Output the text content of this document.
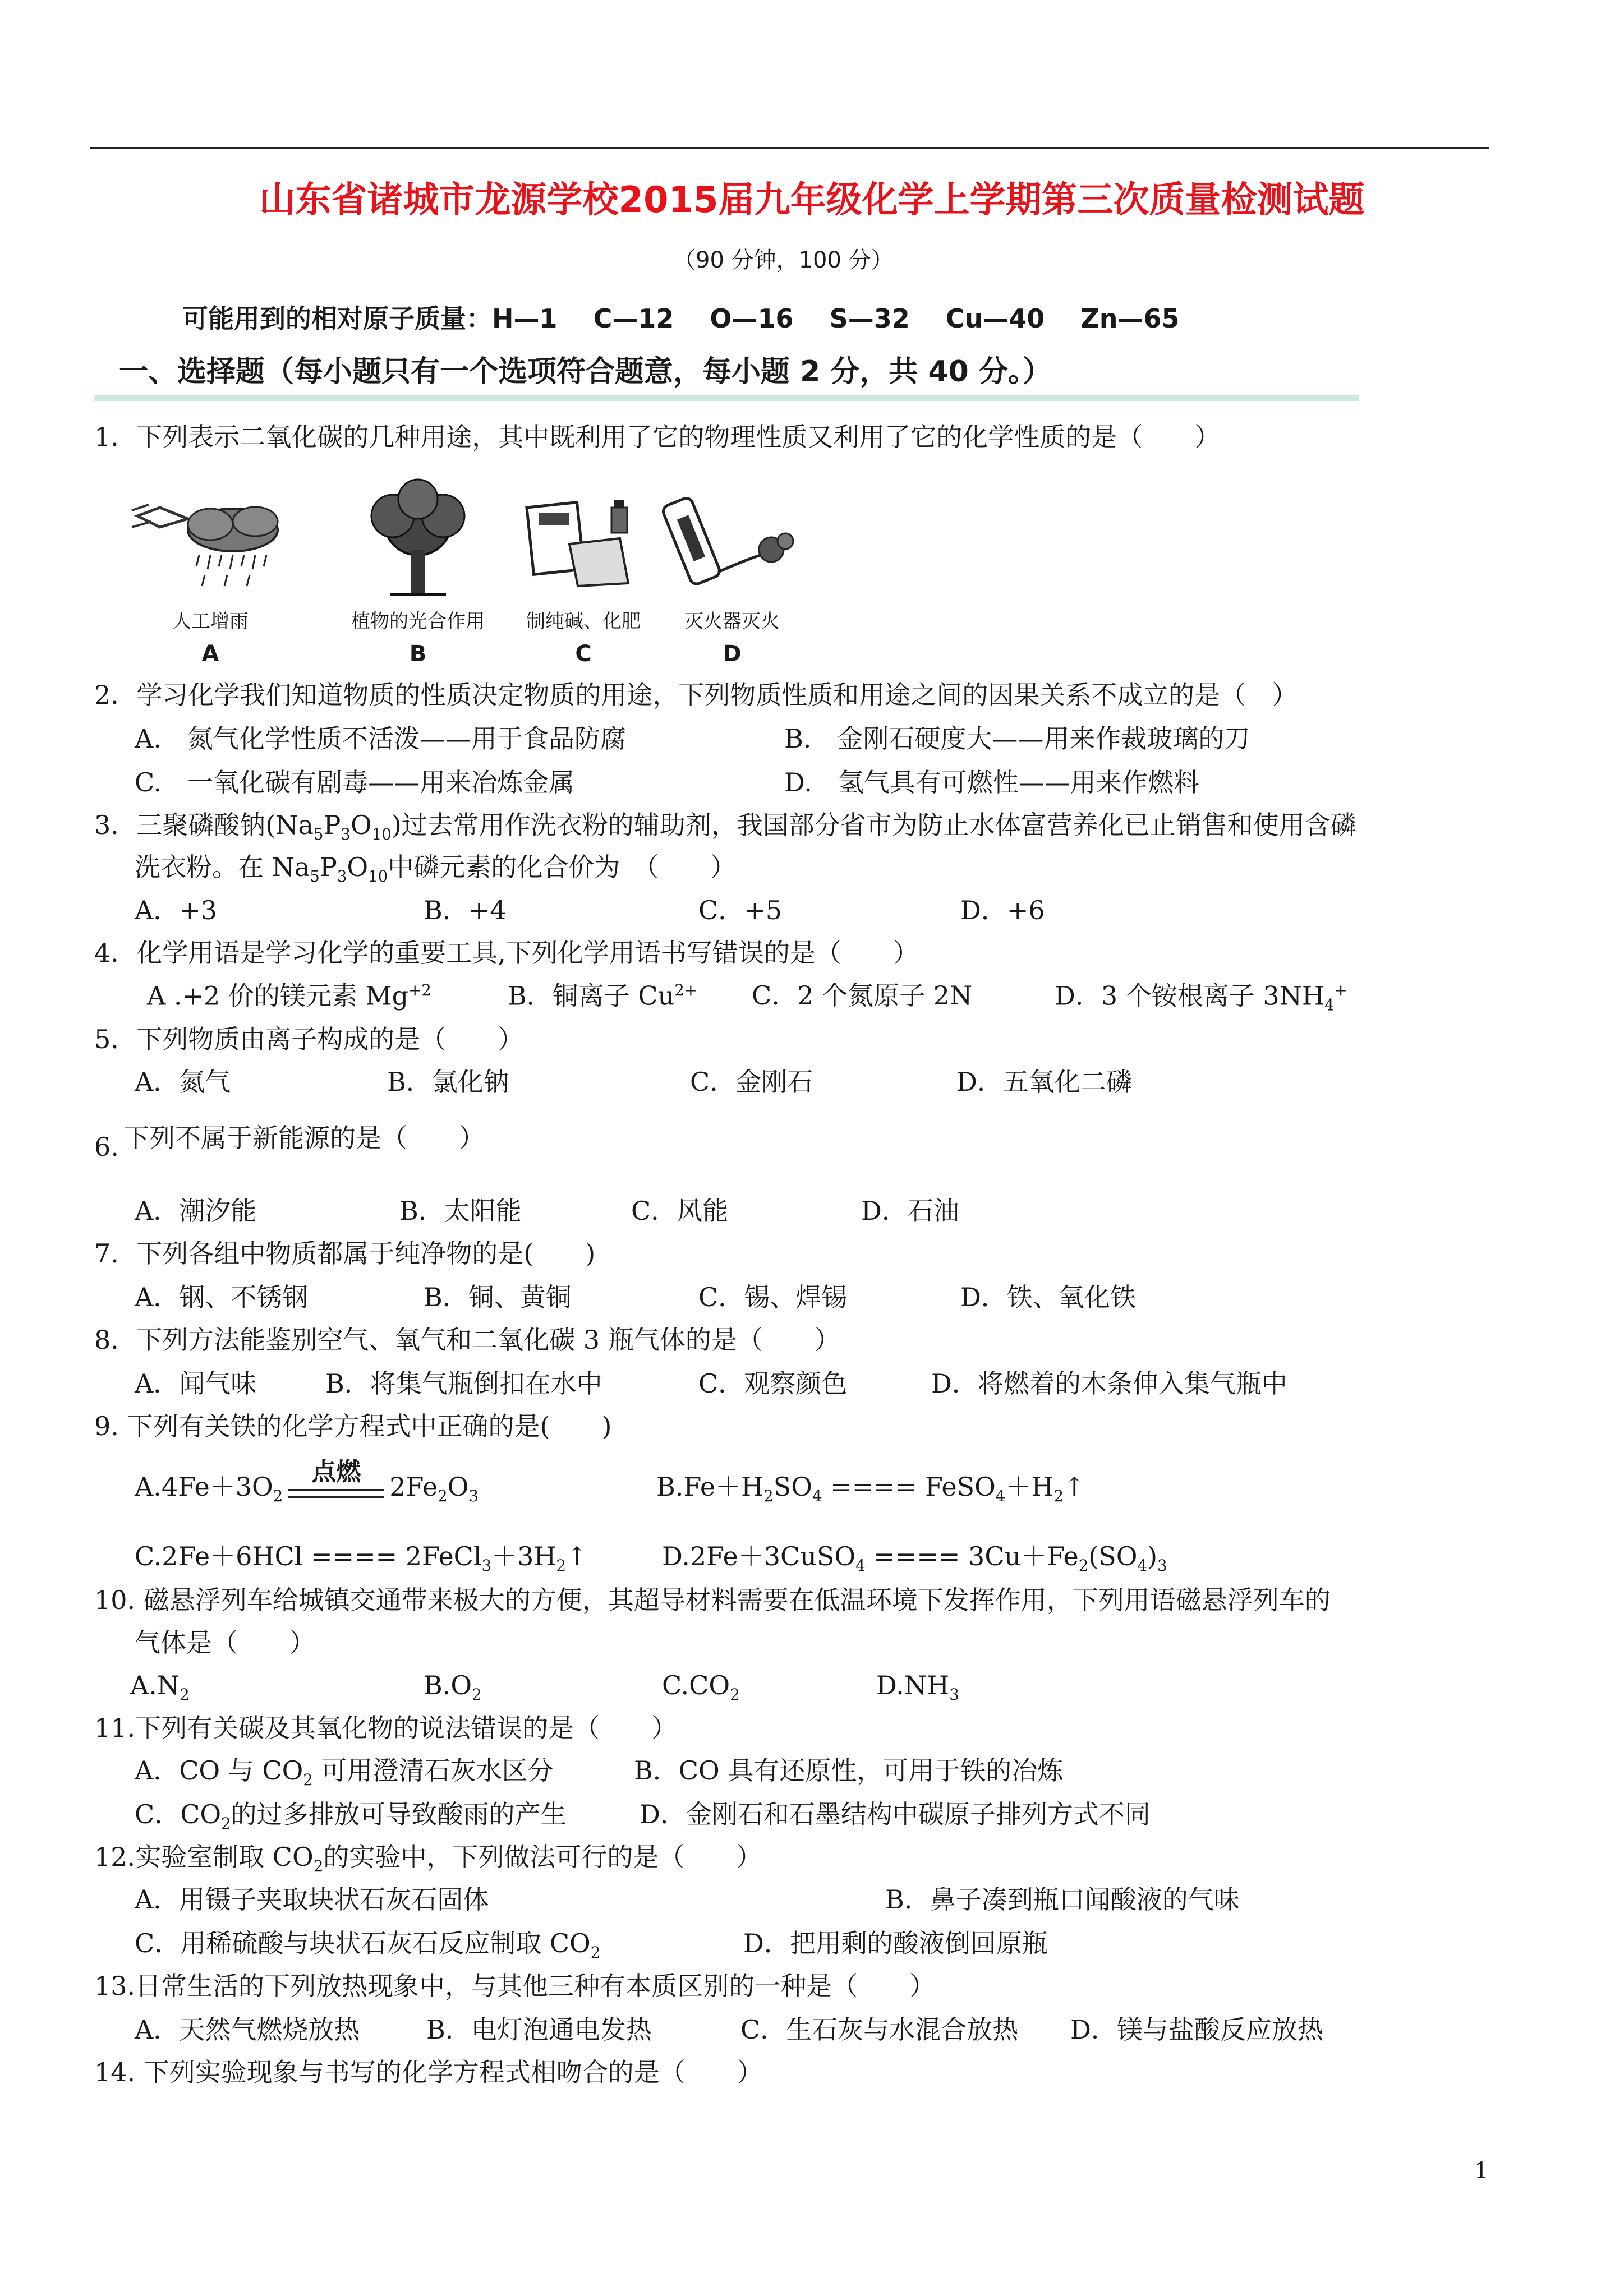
山东省诸城市龙源学校2015届九年级化学上学期第三次质量检测试题
（90 分钟，100 分）
可能用到的相对原子质量：H—1    C—12    O—16    S—32    Cu—40    Zn—65
一、选择题（每小题只有一个选项符合题意，每小题 2 分，共 40 分。）
1．下列表示二氧化碳的几种用途，其中既利用了它的物理性质又利用了它的化学性质的是（　　）
人工增雨
A
植物的光合作用
B
制纯碱、化肥
C
灭火器灭火
D
2．学习化学我们知道物质的性质决定物质的用途，下列物质性质和用途之间的因果关系不成立的是（　）
A.　氮气化学性质不活泼——用于食品防腐	B.　金刚石硬度大——用来作裁玻璃的刀
C.　一氧化碳有剧毒——用来冶炼金属	D.　氢气具有可燃性——用来作燃料
3．三聚磷酸钠$(Na_5P_3O_{10})$过去常用作洗衣粉的辅助剂，我国部分省市为防止水体富营养化已止销售和使用含磷
洗衣粉。在 $Na_5P_3O_{10}$中磷元素的化合价为　（　　）
A．+3	B．+4	C．+5	D．+6
4．化学用语是学习化学的重要工具,下列化学用语书写错误的是（　　）
A .+2 价的镁元素 $Mg^{+2}$	B．铜离子 $Cu^{2+}$ C．2 个氮原子 2N	D．3 个铵根离子 $3NH_4^+$
5．下列物质由离子构成的是（　　）
A．氮气	B．氯化钠	C．金刚石	D．五氧化二磷
6. 下列不属于新能源的是（　　）
A．潮汐能	B．太阳能	C．风能	D．石油
7．下列各组中物质都属于纯净物的是(　　)
A．钢、不锈钢	B．铜、黄铜	C．锡、焊锡	D．铁、氧化铁
8．下列方法能鉴别空气、氧气和二氧化碳 3 瓶气体的是（　　）
A．闻气味	B．将集气瓶倒扣在水中	C．观察颜色	D．将燃着的木条伸入集气瓶中
9. 下列有关铁的化学方程式中正确的是(　　)
$A.4Fe+3O_2$
点燃	$2Fe_2O_3$	$B.Fe+H_2SO_4$ ==== $FeSO_4+H_2↑$
C.2Fe＋6HCl ==== $2FeCl_3+3H_2↑$	D.2Fe＋3CuSO$_4$ ==== $3Cu+Fe_2(SO_4)_3$
10. 磁悬浮列车给城镇交通带来极大的方便，其超导材料需要在低温环境下发挥作用，下列用语磁悬浮列车的
气体是（　　）
$A.N_2$	$B.O_2$	$C.CO_2$	$D.NH_3$
11.下列有关碳及其氧化物的说法错误的是（　　）
A．CO 与 $CO_2$ 可用澄清石灰水区分	B．CO 具有还原性，可用于铁的冶炼
C．$CO_2$的过多排放可导致酸雨的产生	D．金刚石和石墨结构中碳原子排列方式不同
12.实验室制取 $CO_2$的实验中，下列做法可行的是（　　）
A．用镊子夹取块状石灰石固体	B．鼻子凑到瓶口闻酸液的气味
C．用稀硫酸与块状石灰石反应制取 $CO_2$	D．把用剩的酸液倒回原瓶
13.日常生活的下列放热现象中，与其他三种有本质区别的一种是（　　）
A．天然气燃烧放热	B．电灯泡通电发热	C．生石灰与水混合放热 D．镁与盐酸反应放热
14. 下列实验现象与书写的化学方程式相吻合的是（　　）
1
